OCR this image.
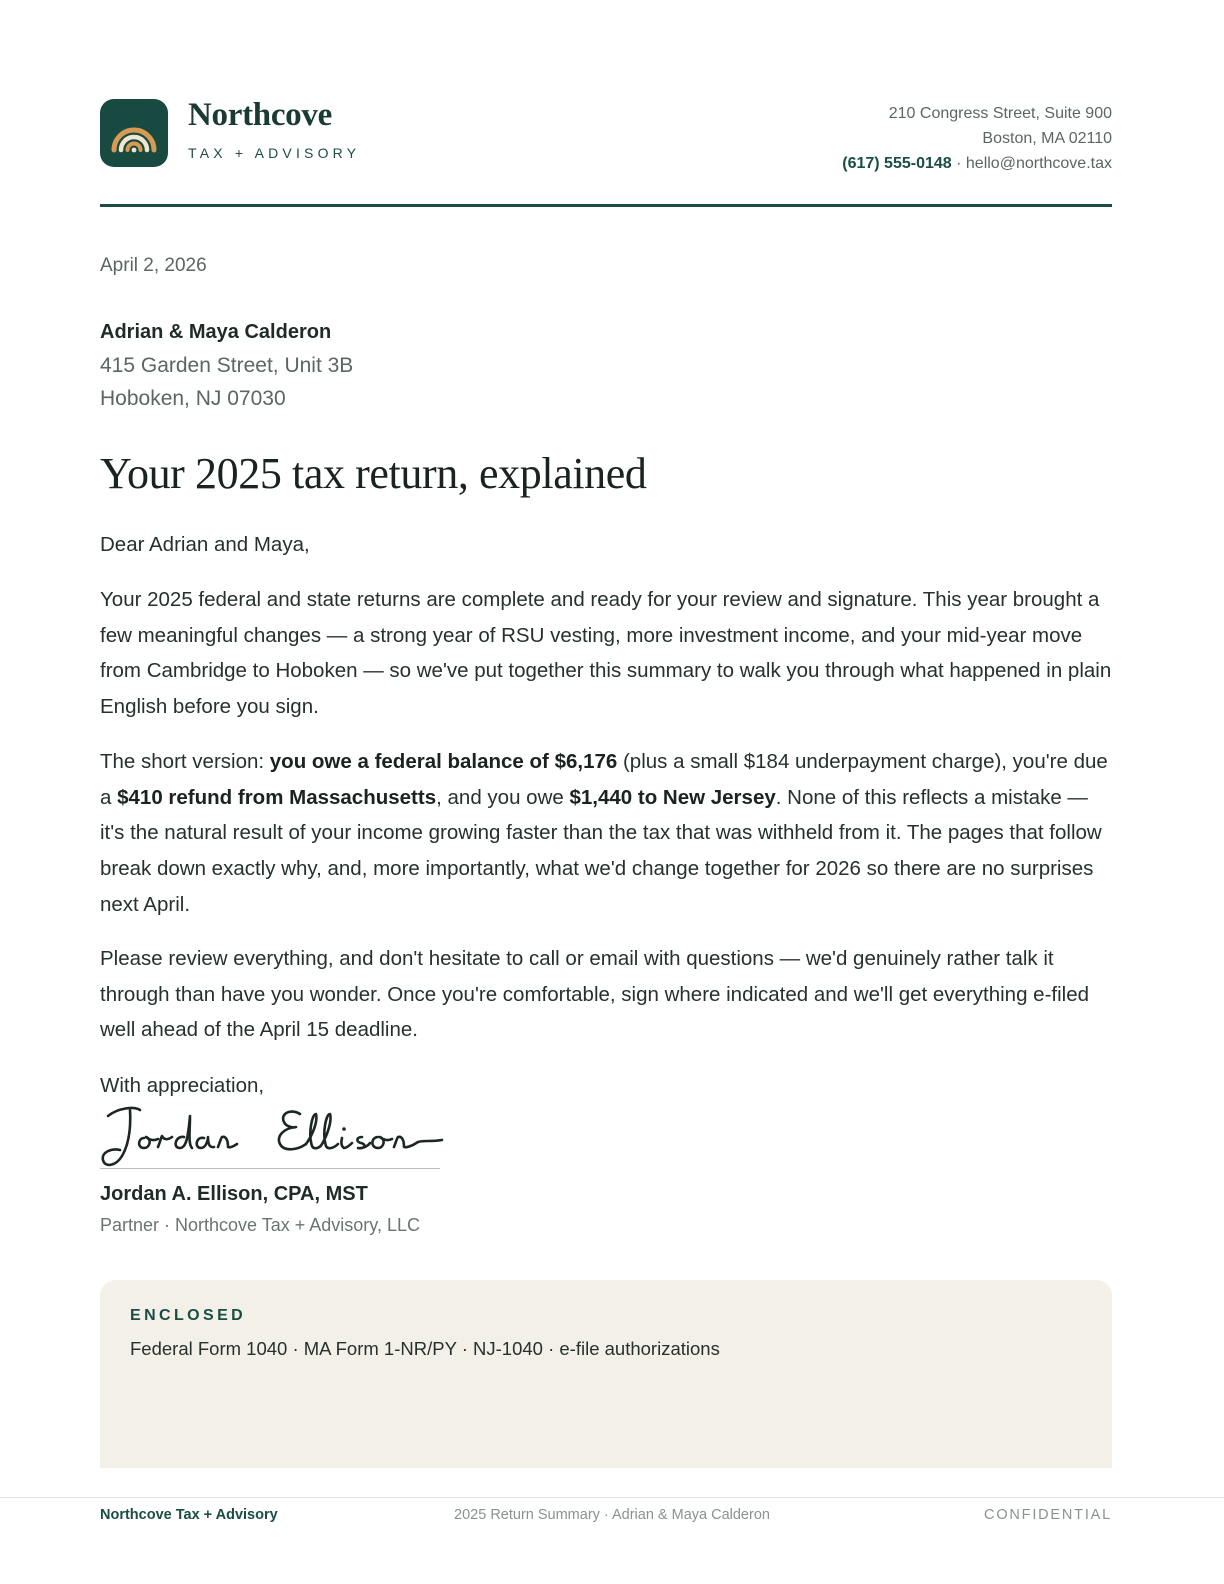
Northcove
TAX + ADVISORY
210 Congress Street, Suite 900
Boston, MA 02110
(617) 555-0148 · hello@northcove.tax
April 2, 2026
Adrian & Maya Calderon
415 Garden Street, Unit 3B
Hoboken, NJ 07030
Your 2025 tax return, explained

Dear Adrian and Maya,

Your 2025 federal and state returns are complete and ready for your review and signature. This year brought a few meaningful changes — a strong year of RSU vesting, more investment income, and your mid-year move from Cambridge to Hoboken — so we've put together this summary to walk you through what happened in plain English before you sign.

The short version: you owe a federal balance of $6,176 (plus a small $184 underpayment charge), you're due a $410 refund from Massachusetts, and you owe $1,440 to New Jersey. None of this reflects a mistake — it's the natural result of your income growing faster than the tax that was withheld from it. The pages that follow break down exactly why, and, more importantly, what we'd change together for 2026 so there are no surprises next April.

Please review everything, and don't hesitate to call or email with questions — we'd genuinely rather talk it through than have you wonder. Once you're comfortable, sign where indicated and we'll get everything e-filed well ahead of the April 15 deadline.

With appreciation,

Jordan A. Ellison, CPA, MST
Partner · Northcove Tax + Advisory, LLC
ENCLOSED
Federal Form 1040 · MA Form 1-NR/PY · NJ-1040 · e-file authorizations
2025 Return Summary · Adrian & Maya Calderon
Northcove Tax + Advisory	CONFIDENTIAL
